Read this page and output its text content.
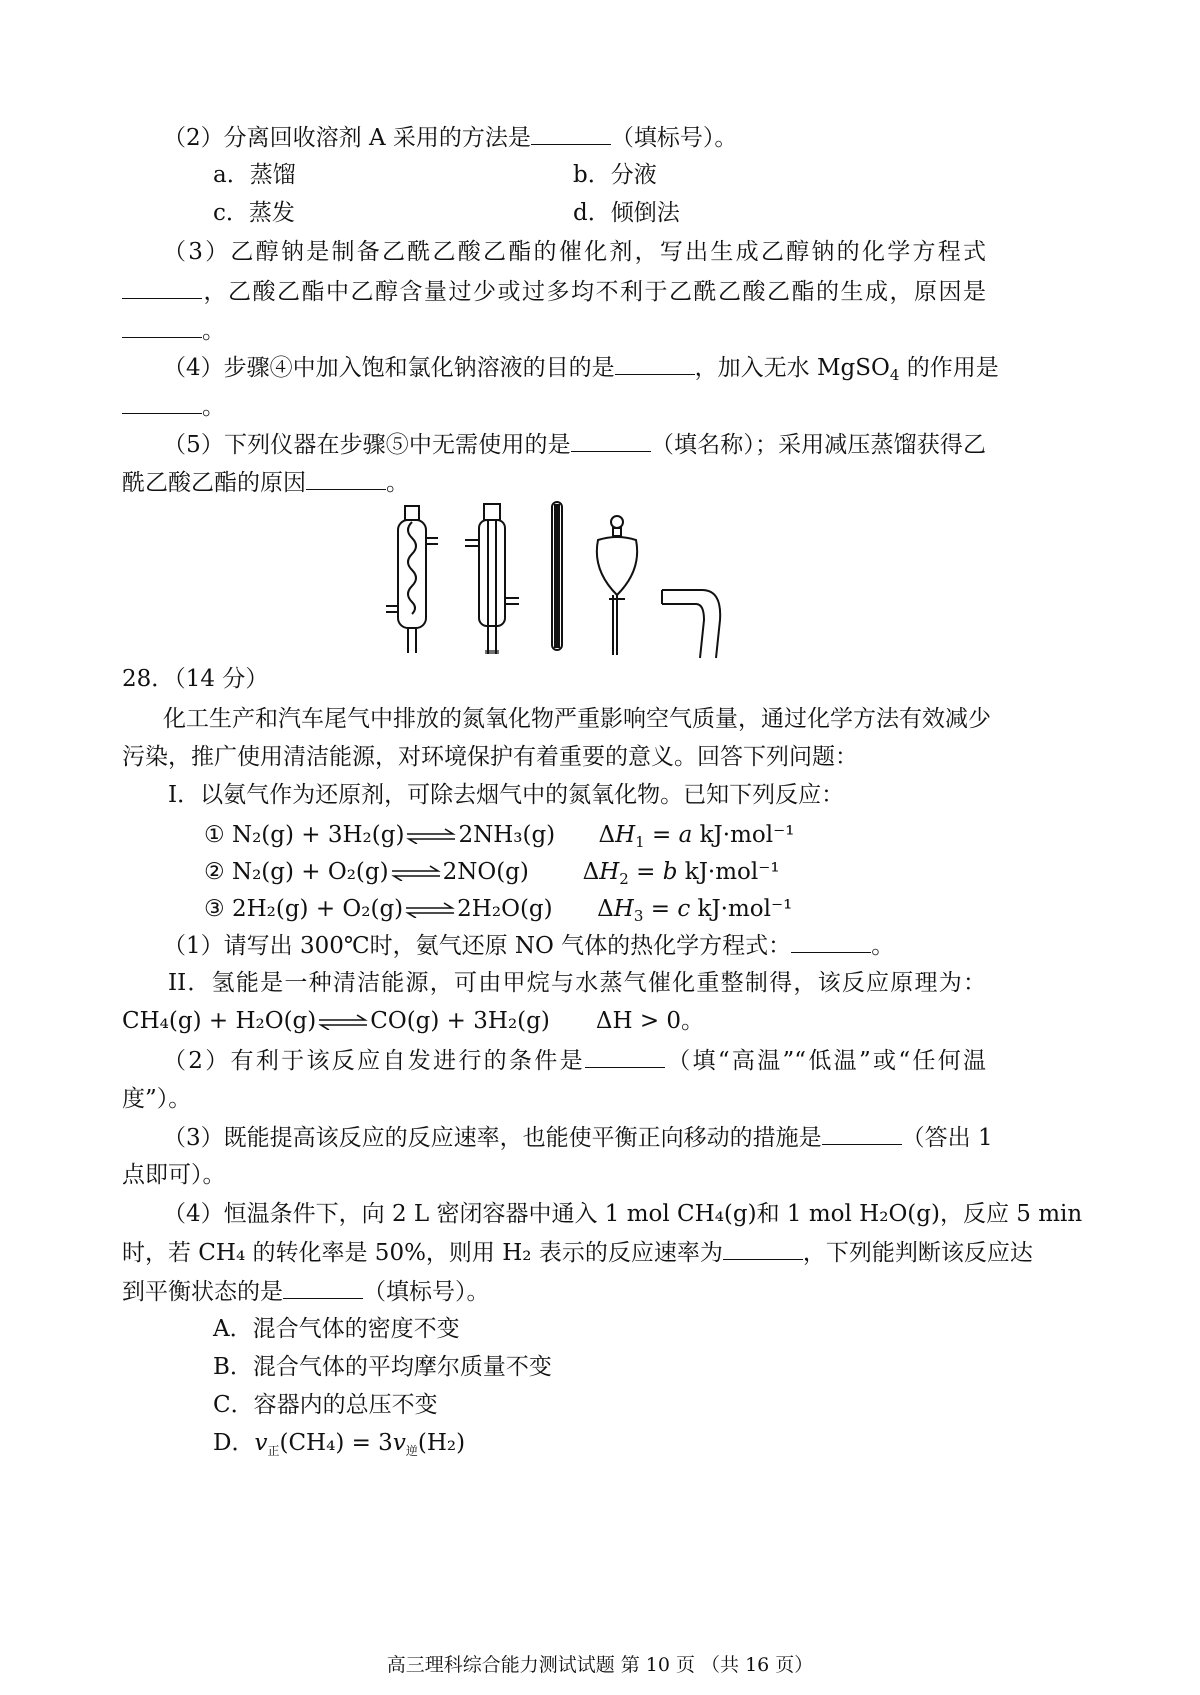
（2）分离回收溶剂 A 采用的方法是	（填标号）。
a．蒸馏	b．分液
c．蒸发	d．倾倒法
（3）乙醇钠是制备乙酰乙酸乙酯的催化剂，写出生成乙醇钠的化学方程式
，乙酸乙酯中乙醇含量过少或过多均不利于乙酰乙酸乙酯的生成，原因是
。
（4）步骤④中加入饱和氯化钠溶液的目的是	，加入无水 MgSO$_4$ 的作用是
。
（5）下列仪器在步骤⑤中无需使用的是	（填名称）；采用减压蒸馏获得乙
酰乙酸乙酯的原因	。
28．（14 分）
化工生产和汽车尾气中排放的氮氧化物严重影响空气质量，通过化学方法有效减少
污染，推广使用清洁能源，对环境保护有着重要的意义。回答下列问题：
I．以氨气作为还原剂，可除去烟气中的氮氧化物。已知下列反应：
① N₂(g) + 3H₂(g)⇌2NH₃(g) $\Delta H_1 = a$ kJ·mol⁻¹
② N₂(g) + O₂(g)⇌2NO(g) $\Delta H_2 = b$ kJ·mol⁻¹
③ 2H₂(g) + O₂(g)⇌2H₂O(g) $\Delta H_3 = c$ kJ·mol⁻¹
（1）请写出 300℃时，氨气还原 NO 气体的热化学方程式：	。
II．氢能是一种清洁能源，可由甲烷与水蒸气催化重整制得，该反应原理为：
CH₄(g) + H₂O(g)⇌CO(g) + 3H₂(g) ΔH > 0。
（2）有利于该反应自发进行的条件是	（填“高温”“低温”或“任何温
度”）。
（3）既能提高该反应的反应速率，也能使平衡正向移动的措施是	（答出 1
点即可）。
（4）恒温条件下，向 2 L 密闭容器中通入 1 mol CH₄(g)和 1 mol H₂O(g)，反应 5 min
时，若 CH₄ 的转化率是 50%，则用 H₂ 表示的反应速率为	，下列能判断该反应达
到平衡状态的是	（填标号）。
A．混合气体的密度不变
B．混合气体的平均摩尔质量不变
C．容器内的总压不变
D．$v_正(CH_4) = 3v_逆(H_2)$
高三理科综合能力测试试题 第 10 页 （共 16 页）
